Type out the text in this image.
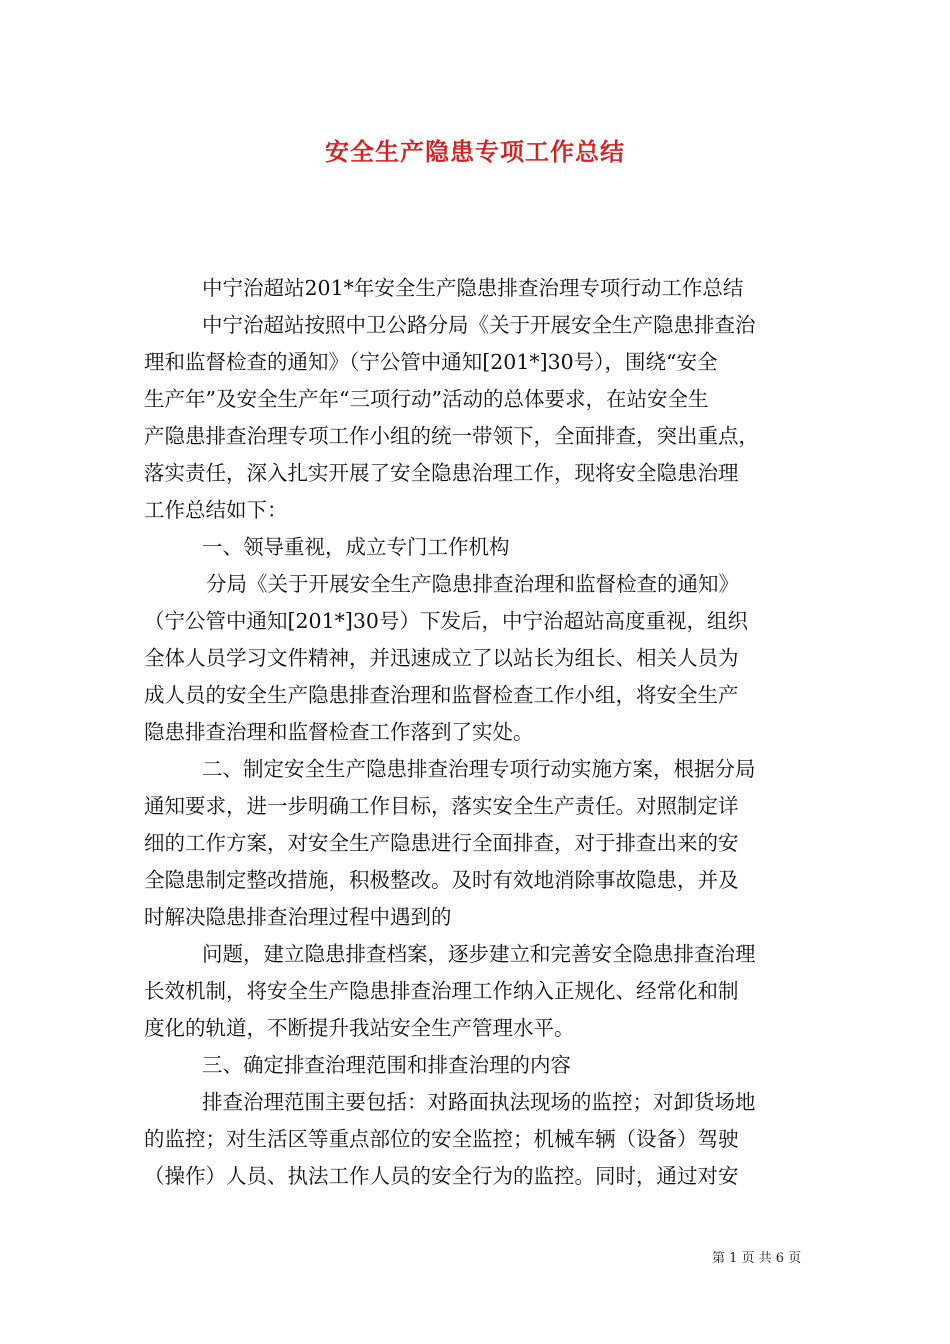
安全生产隐患专项工作总结

中宁治超站201*年安全生产隐患排查治理专项行动工作总结

中宁治超站按照中卫公路分局《关于开展安全生产隐患排查治

理和监督检查的通知》（宁公管中通知[201*]30号），围绕“安全

生产年”及安全生产年“三项行动”活动的总体要求，在站安全生

产隐患排查治理专项工作小组的统一带领下，全面排查，突出重点，

落实责任，深入扎实开展了安全隐患治理工作，现将安全隐患治理

工作总结如下：

一、领导重视，成立专门工作机构

分局《关于开展安全生产隐患排查治理和监督检查的通知》

（宁公管中通知[201*]30号）下发后，中宁治超站高度重视，组织

全体人员学习文件精神，并迅速成立了以站长为组长、相关人员为

成人员的安全生产隐患排查治理和监督检查工作小组，将安全生产

隐患排查治理和监督检查工作落到了实处。

二、制定安全生产隐患排查治理专项行动实施方案，根据分局

通知要求，进一步明确工作目标，落实安全生产责任。对照制定详

细的工作方案，对安全生产隐患进行全面排查，对于排查出来的安

全隐患制定整改措施，积极整改。及时有效地消除事故隐患，并及

时解决隐患排查治理过程中遇到的

问题，建立隐患排查档案，逐步建立和完善安全隐患排查治理

长效机制，将安全生产隐患排查治理工作纳入正规化、经常化和制

度化的轨道，不断提升我站安全生产管理水平。

三、确定排查治理范围和排查治理的内容

排查治理范围主要包括：对路面执法现场的监控；对卸货场地

的监控；对生活区等重点部位的安全监控；机械车辆（设备）驾驶

（操作）人员、执法工作人员的安全行为的监控。同时，通过对安

第 1 页 共 6 页
